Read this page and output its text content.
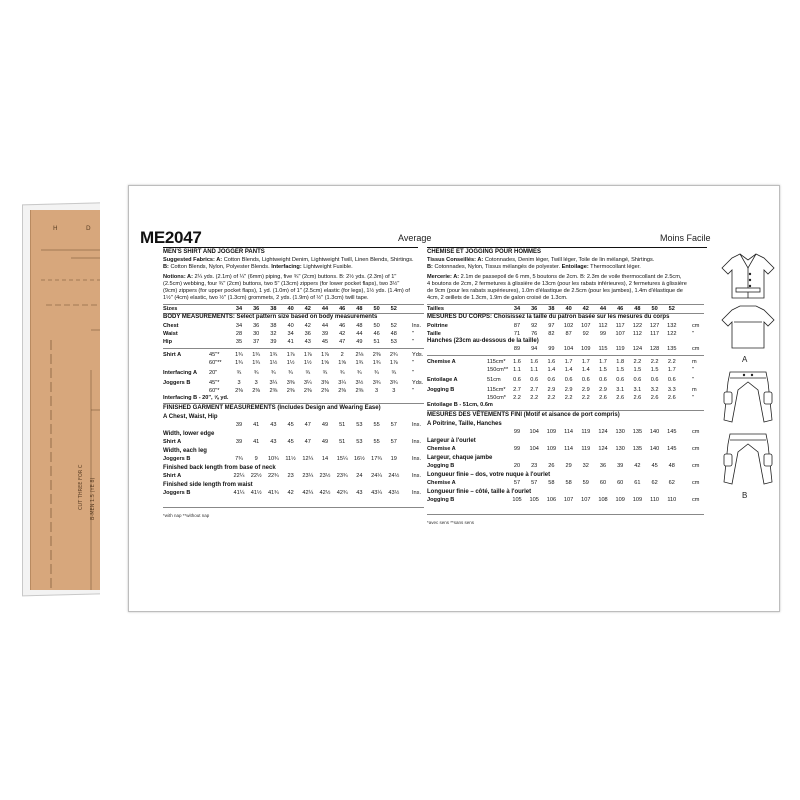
H	D
CUT THREE FOR C B-MEN 1.5 (YE 8)
ME2047	Average	Moins Facile
MEN'S SHIRT AND JOGGER PANTS
Suggested Fabrics: A: Cotton Blends, Lightweight Denim, Lightweight Twill, Linen Blends, Shirtings.
B: Cotton Blends, Nylon, Polyester Blends. Interfacing: Lightweight Fusible.
Notions: A: 2¼ yds. (2.1m) of ¼" (6mm) piping, five ¾" (2cm) buttons. B: 2½ yds. (2.3m) of 1"
(2.5cm) webbing, four ¾" (2cm) buttons, two 5" (13cm) zippers (for lower pocket flaps), two 3½"
(9cm) zippers (for upper pocket flaps), 1 yd. (1.0m) of 1" (2.5cm) elastic (for legs), 1½ yds. (1.4m) of
1½" (4cm) elastic, two ½" (1.3cm) grommets, 2 yds. (1.9m) of ½" (1.3cm) twill tape.
Sizes	34	36	38	40	42	44	46	48	50	52
BODY MEASUREMENTS: Select pattern size based on body measurements
Chest	34	36	38	40	42	44	46	48	50	52	Ins.
Waist	28	30	32	34	36	39	42	44	46	48	"
Hip	35	37	39	41	43	45	47	49	51	53	"
Shirt A	45"*	1¾	1¾	1¾	1⅞	1⅞	1⅞	2	2⅛	2⅜	2¾	Yds.
60"**	1¾	1¾	1½	1½	1½	1⅝	1⅝	1¾	1¾	1⅞	"
Interfacing A 20"	¾	¾	¾	¾	¾	¾	¾	¾	¾	¾	"
Joggers B	45"*	3	3	3¼	3⅜	3¼	3⅜	3¼	3½	3¾	3¾	Yds.
60"*	2⅜	2⅜	2⅜	2⅜	2⅜	2⅜	2⅜	2⅜	3	3	"
Interfacing B - 20", ⅝ yd.
FINISHED GARMENT MEASUREMENTS (Includes Design and Wearing Ease)
A Chest, Waist, Hip
39	41	43	45	47	49	51	53	55	57	Ins.
Width, lower edge
Shirt A	39	41	43	45	47	49	51	53	55	57	Ins.
Width, each leg
Joggers B	7¾	9	10¾	11½	12¼	14	15¼	16½	17¾	19	Ins.
Finished back length from base of neck
Shirt A	22¼	22½	22¾	23	23¼	23½	23¾	24	24¼	24½	Ins.
Finished side length from waist
Joggers B	41¼	41½	41¾	42	42¼	42½	42¾	43	43¼	43½	Ins.
*with nap **without nap
CHEMISE ET JOGGING POUR HOMMES
Tissus Conseillés: A: Cotonnades, Denim léger, Twill léger, Toile de lin mélangé, Shirtings.
B: Cotonnades, Nylon, Tissus mélangés de polyester. Entoilage: Thermocollant léger.
Mercerie: A: 2.1m de passepoil de 6 mm, 5 boutons de 2cm. B: 2.3m de voile thermocollant de 2.5cm,
4 boutons de 2cm, 2 fermetures à glissière de 13cm (pour les rabats inférieures), 2 fermetures à glissière
de 9cm (pour les rabats supérieures), 1.0m d'élastique de 2.5cm (pour les jambes), 1.4m d'élastique de
4cm, 2 œillets de 1.3cm, 1.9m de galon croisé de 1.3cm.
Tailles	34	36	38	40	42	44	46	48	50	52
MESURES DU CORPS: Choisissez la taille du patron basée sur les mesures du corps
Poitrine	87	92	97	102	107	112	117	122	127	132	cm
Taille	71	76	82	87	92	99	107	112	117	122	"
Hanches (23cm au-dessous de la taille)
89	94	99	104	109	115	119	124	128	135	cm
Chemise A	115cm*	1.6	1.6	1.6	1.7	1.7	1.7	1.8	2.2	2.2	2.2	m
150cm** 1.1	1.1	1.4	1.4	1.4	1.5	1.5	1.5	1.5	1.7	"
Entoilage A	51cm	0.6	0.6	0.6	0.6	0.6	0.6	0.6	0.6	0.6	0.6	"
Jogging B	115cm*	2.7	2.7	2.9	2.9	2.9	2.9	3.1	3.1	3.2	3.3	m
150cm*	2.2	2.2	2.2	2.2	2.2	2.6	2.6	2.6	2.6	2.6	"
Entoilage B - 51cm, 0.6m
MESURES DES VÊTEMENTS FINI (Motif et aisance de port compris)
A Poitrine, Taille, Hanches
99	104	109	114	119	124	130	135	140	145	cm
Largeur à l'ourlet
Chemise A	99	104	109	114	119	124	130	135	140	145	cm
Largeur, chaque jambe
Jogging B	20	23	26	29	32	36	39	42	45	48	cm
Longueur finie – dos, votre nuque à l'ourlet
Chemise A	57	57	58	58	59	60	60	61	62	62	cm
Longueur finie – côté, taille à l'ourlet
Jogging B	105	105	106	107	107	108	109	109	110	110	cm
*avec sens **sans sens
A
B
